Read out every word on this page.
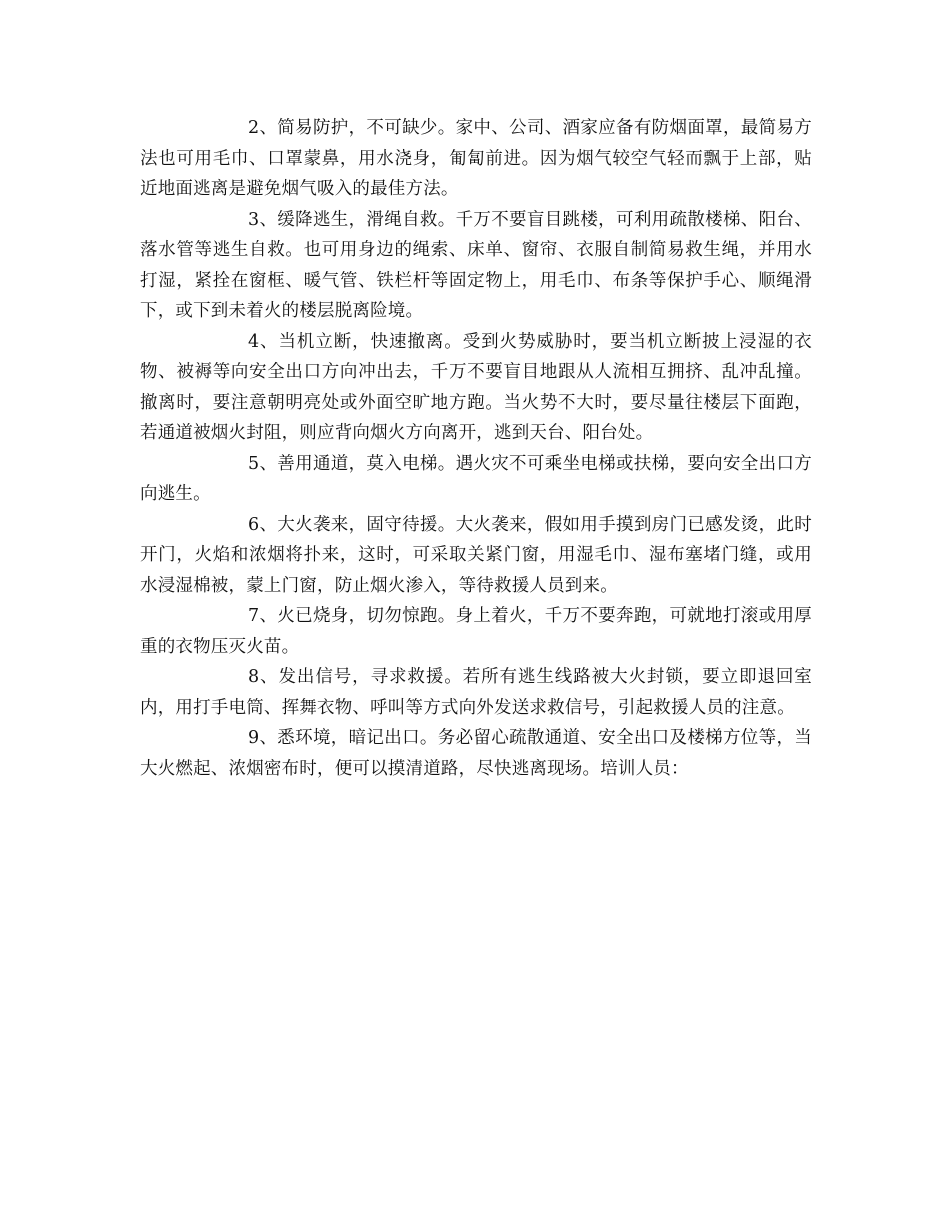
2、简易防护，不可缺少。家中、公司、酒家应备有防烟面罩，最简易方法也可用毛巾、口罩蒙鼻，用水浇身，匍匐前进。因为烟气较空气轻而飘于上部，贴近地面逃离是避免烟气吸入的最佳方法。

3、缓降逃生，滑绳自救。千万不要盲目跳楼，可利用疏散楼梯、阳台、落水管等逃生自救。也可用身边的绳索、床单、窗帘、衣服自制简易救生绳，并用水打湿，紧拴在窗框、暖气管、铁栏杆等固定物上，用毛巾、布条等保护手心、顺绳滑下，或下到未着火的楼层脱离险境。

4、当机立断，快速撤离。受到火势威胁时，要当机立断披上浸湿的衣物、被褥等向安全出口方向冲出去，千万不要盲目地跟从人流相互拥挤、乱冲乱撞。撤离时，要注意朝明亮处或外面空旷地方跑。当火势不大时，要尽量往楼层下面跑，若通道被烟火封阻，则应背向烟火方向离开，逃到天台、阳台处。

5、善用通道，莫入电梯。遇火灾不可乘坐电梯或扶梯，要向安全出口方向逃生。

6、大火袭来，固守待援。大火袭来，假如用手摸到房门已感发烫，此时开门，火焰和浓烟将扑来，这时，可采取关紧门窗，用湿毛巾、湿布塞堵门缝，或用水浸湿棉被，蒙上门窗，防止烟火渗入，等待救援人员到来。

7、火已烧身，切勿惊跑。身上着火，千万不要奔跑，可就地打滚或用厚重的衣物压灭火苗。

8、发出信号，寻求救援。若所有逃生线路被大火封锁，要立即退回室内，用打手电筒、挥舞衣物、呼叫等方式向外发送求救信号，引起救援人员的注意。

9、悉环境，暗记出口。务必留心疏散通道、安全出口及楼梯方位等，当大火燃起、浓烟密布时，便可以摸清道路，尽快逃离现场。培训人员：
